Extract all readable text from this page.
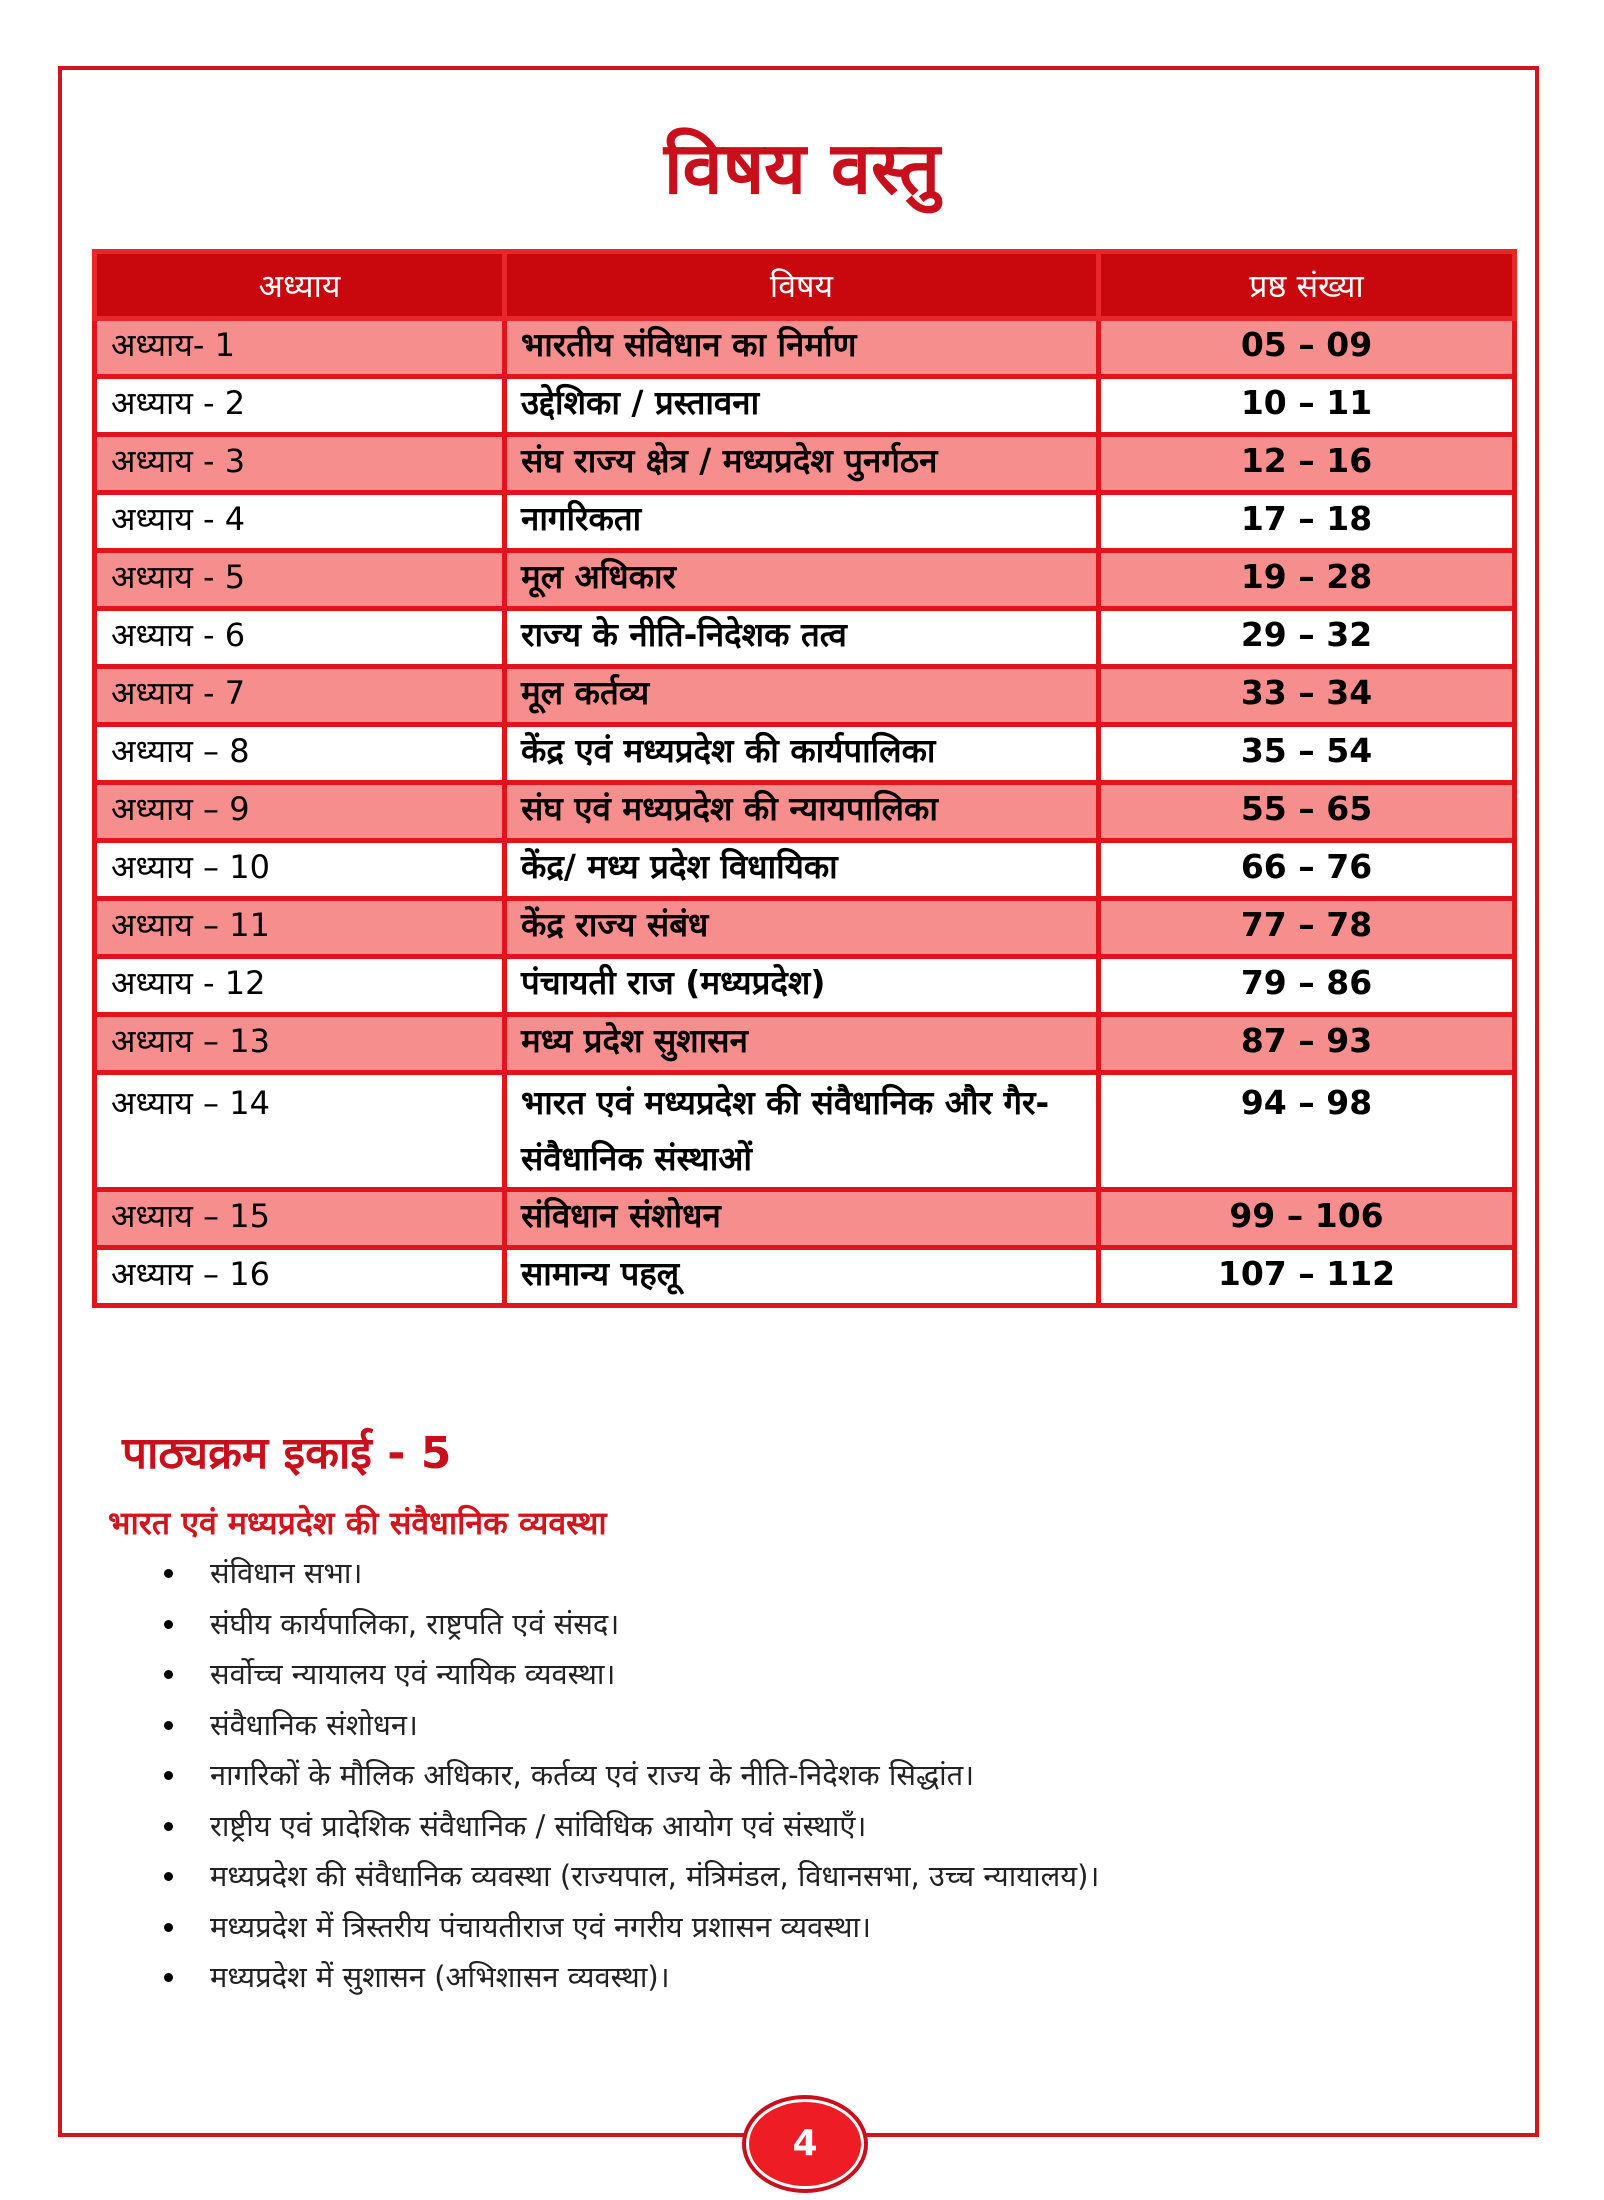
विषय वस्तु
अध्याय	विषय	प्रष्ठ संख्या
अध्याय- 1	भारतीय संविधान का निर्माण	05 – 09
अध्याय - 2	उद्देशिका / प्रस्तावना	10 – 11
अध्याय - 3	संघ राज्य क्षेत्र / मध्यप्रदेश पुनर्गठन	12 – 16
अध्याय - 4	नागरिकता	17 – 18
अध्याय - 5	मूल अधिकार	19 – 28
अध्याय - 6	राज्य के नीति-निदेशक तत्व	29 – 32
अध्याय - 7	मूल कर्तव्य	33 – 34
अध्याय – 8	केंद्र एवं मध्यप्रदेश की कार्यपालिका	35 – 54
अध्याय – 9	संघ एवं मध्यप्रदेश की न्यायपालिका	55 – 65
अध्याय – 10	केंद्र/ मध्य प्रदेश विधायिका	66 – 76
अध्याय – 11	केंद्र राज्य संबंध	77 – 78
अध्याय - 12	पंचायती राज (मध्यप्रदेश)	79 – 86
अध्याय – 13	मध्य प्रदेश सुशासन	87 – 93
अध्याय – 14	भारत एवं मध्यप्रदेश की संवैधानिक और गैर-संवैधानिक संस्थाओं	94 – 98
अध्याय – 15	संविधान संशोधन	99 – 106
अध्याय – 16	सामान्य पहलू	107 – 112
पाठ्यक्रम इकाई - 5
भारत एवं मध्यप्रदेश की संवैधानिक व्यवस्था
संविधान सभा।
संघीय कार्यपालिका, राष्ट्रपति एवं संसद।
सर्वोच्च न्यायालय एवं न्यायिक व्यवस्था।
संवैधानिक संशोधन।
नागरिकों के मौलिक अधिकार, कर्तव्य एवं राज्य के नीति-निदेशक सिद्धांत।
राष्ट्रीय एवं प्रादेशिक संवैधानिक / सांविधिक आयोग एवं संस्थाएँ।
मध्यप्रदेश की संवैधानिक व्यवस्था (राज्यपाल, मंत्रिमंडल, विधानसभा, उच्च न्यायालय)।
मध्यप्रदेश में त्रिस्तरीय पंचायतीराज एवं नगरीय प्रशासन व्यवस्था।
मध्यप्रदेश में सुशासन (अभिशासन व्यवस्था)।
4
